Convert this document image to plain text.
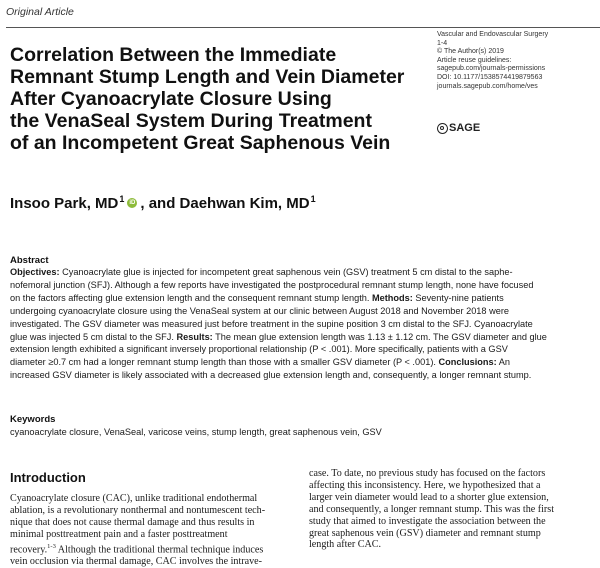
Original Article
Correlation Between the Immediate
Remnant Stump Length and Vein Diameter
After Cyanoacrylate Closure Using
the VenaSeal System During Treatment
of an Incompetent Great Saphenous Vein
Vascular and Endovascular Surgery
1-4
© The Author(s) 2019
Article reuse guidelines:
sagepub.com/journals-permissions
DOI: 10.1177/1538574419879563
journals.sagepub.com/home/ves
SAGE
Insoo Park, $MD^1$ iD , and Daehwan Kim, $MD^1$
Abstract
Objectives: Cyanoacrylate glue is injected for incompetent great saphenous vein (GSV) treatment 5 cm distal to the saphe-
nofemoral junction (SFJ). Although a few reports have investigated the postprocedural remnant stump length, none have focused
on the factors affecting glue extension length and the consequent remnant stump length. Methods: Seventy-nine patients
undergoing cyanoacrylate closure using the VenaSeal system at our clinic between August 2018 and November 2018 were
investigated. The GSV diameter was measured just before treatment in the supine position 3 cm distal to the SFJ. Cyanoacrylate
glue was injected 5 cm distal to the SFJ. Results: The mean glue extension length was 1.13 ± 1.12 cm. The GSV diameter and glue
extension length exhibited a significant inversely proportional relationship (P < .001). More specifically, patients with a GSV
diameter ≥0.7 cm had a longer remnant stump length than those with a smaller GSV diameter (P < .001). Conclusions: An
increased GSV diameter is likely associated with a decreased glue extension length and, consequently, a longer remnant stump.
Keywords
cyanoacrylate closure, VenaSeal, varicose veins, stump length, great saphenous vein, GSV
Introduction
Cyanoacrylate closure (CAC), unlike traditional endothermal
ablation, is a revolutionary nonthermal and nontumescent tech-
nique that does not cause thermal damage and thus results in
minimal posttreatment pain and a faster posttreatment
recovery.$^{1-3}$ Although the traditional thermal technique induces
vein occlusion via thermal damage, CAC involves the intrave-
case. To date, no previous study has focused on the factors
affecting this inconsistency. Here, we hypothesized that a
larger vein diameter would lead to a shorter glue extension,
and consequently, a longer remnant stump. This was the first
study that aimed to investigate the association between the
great saphenous vein (GSV) diameter and remnant stump
length after CAC.
